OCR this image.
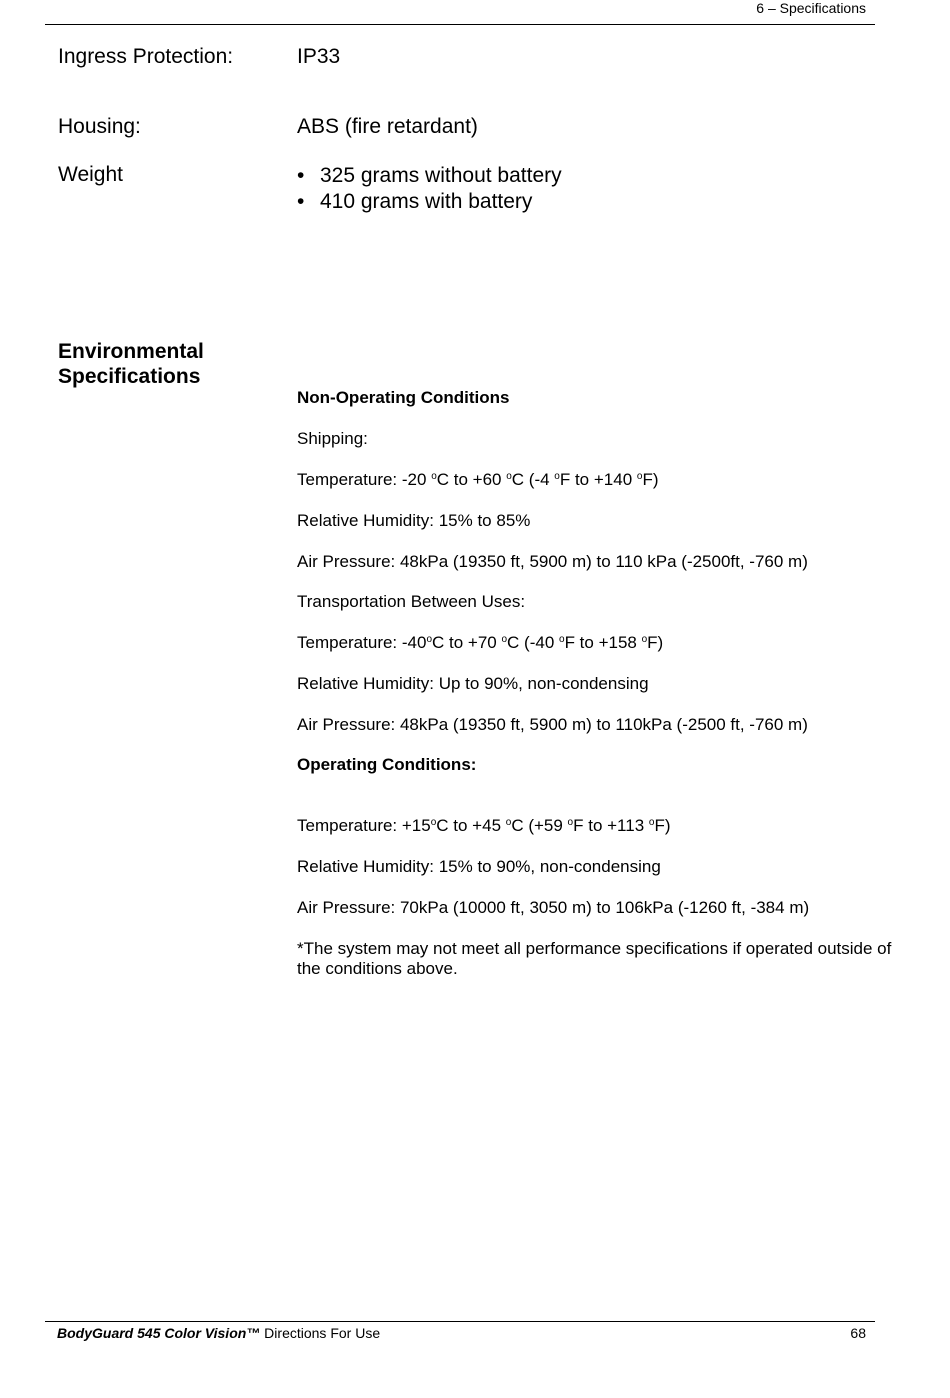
6 – Specifications
Ingress Protection:	IP33
Housing:	ABS (fire retardant)
Weight	• 325 grams without battery
• 410 grams with battery
Environmental Specifications
Non-Operating Conditions
Shipping:
Temperature: -20 $^o$C to +60 $^o$C (-4 $^o$F to +140 $^o$F)
Relative Humidity: 15% to 85%
Air Pressure: 48kPa (19350 ft, 5900 m) to 110 kPa (-2500ft, -760 m)
Transportation Between Uses:
Temperature: -40$^o$C to +70 $^o$C (-40 $^o$F to +158 $^o$F)
Relative Humidity: Up to 90%, non-condensing
Air Pressure: 48kPa (19350 ft, 5900 m) to 110kPa (-2500 ft, -760 m)
Operating Conditions:
Temperature: $+15^oC$ to +45 $^o$C (+59 $^o$F to +113 $^o$F)
Relative Humidity: 15% to 90%, non-condensing
Air Pressure: 70kPa (10000 ft, 3050 m) to 106kPa (-1260 ft, -384 m)
*The system may not meet all performance specifications if operated outside of the conditions above.
BodyGuard 545 Color Vision™ Directions For Use	68
